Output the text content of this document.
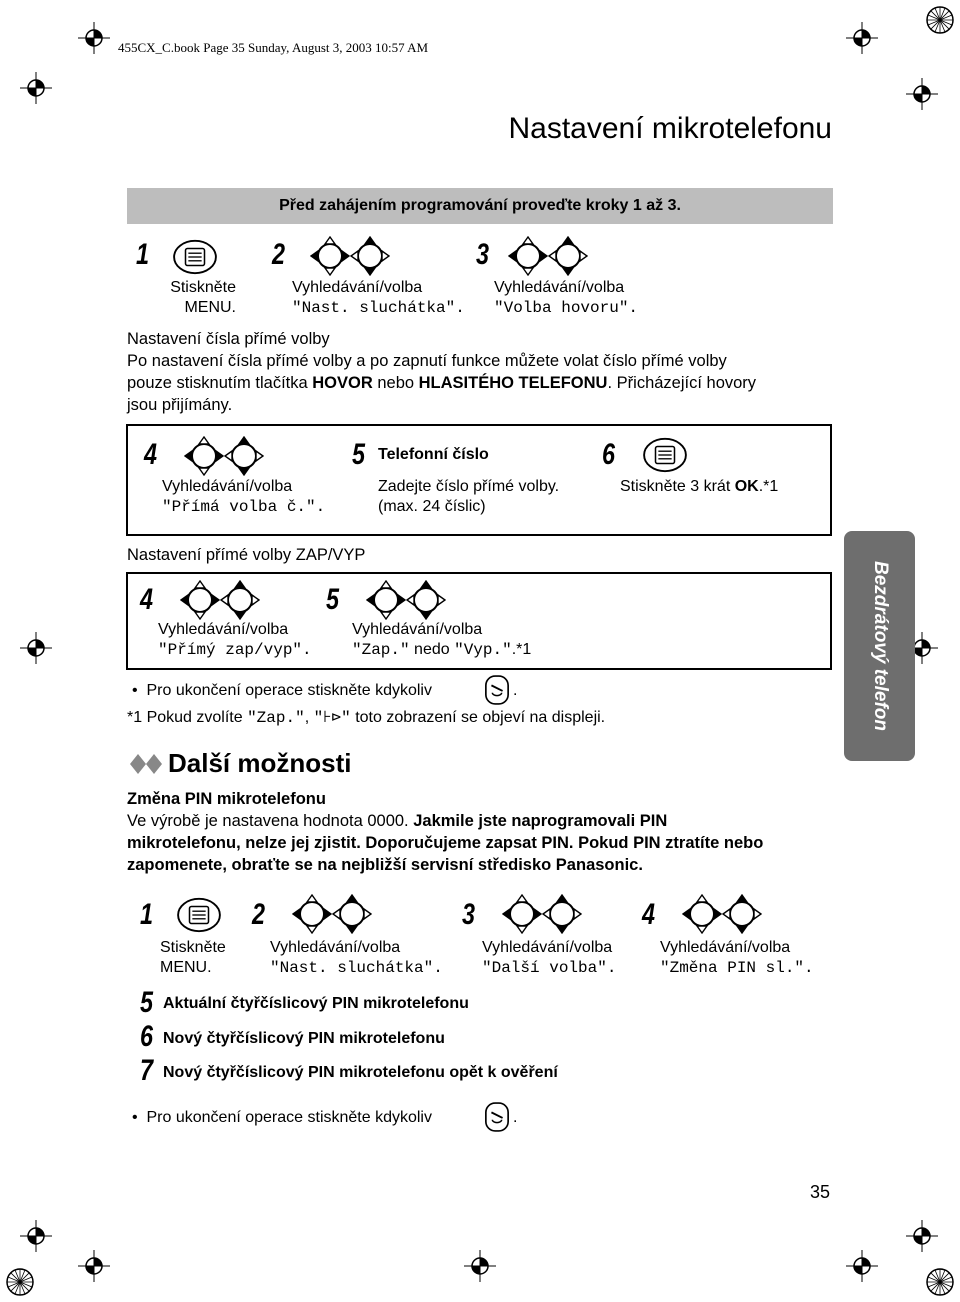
455CX_C.book Page 35 Sunday, August 3, 2003 10:57 AM
Nastavení mikrotelefonu
Před zahájením programování proveďte kroky 1 až 3.
1
Stiskněte
MENU.
2
Vyhledávání/volba
"Nast. sluchátka".
3
Vyhledávání/volba
"Volba hovoru".
Nastavení čísla přímé volby
Po nastavení čísla přímé volby a po zapnutí funkce můžete volat číslo přímé volby
pouze stisknutím tlačítka HOVOR nebo HLASITÉHO TELEFONU. Přicházející hovory
jsou přijímány.
4
Vyhledávání/volba
"Přímá volba č.".
5 Telefonní číslo
Zadejte číslo přímé volby.
(max. 24 číslic)
6
Stiskněte 3 krát OK.*1
Nastavení přímé volby ZAP/VYP
4
Vyhledávání/volba
"Přímý zap/vyp".
5
Vyhledávání/volba
"Zap." nedo "Vyp.".*1
•  Pro ukončení operace stiskněte kdykoliv	.
*1 Pokud zvolíte "Zap.", "⊦⊳" toto zobrazení se objeví na displeji.	Bezdrátový telefon
Další možnosti
Změna PIN mikrotelefonu
Ve výrobě je nastavena hodnota 0000. Jakmile jste naprogramovali PIN
mikrotelefonu, nelze jej zjistit. Doporučujeme zapsat PIN. Pokud PIN ztratíte nebo
zapomenete, obraťte se na nejbližší servisní středisko Panasonic.
1
Stiskněte
MENU.
2
Vyhledávání/volba
"Nast. sluchátka".
3
Vyhledávání/volba
"Další volba".
4
Vyhledávání/volba
"Změna PIN sl.".
5 Aktuální čtyřčíslicový PIN mikrotelefonu
6 Nový čtyřčíslicový PIN mikrotelefonu
7 Nový čtyřčíslicový PIN mikrotelefonu opět k ověření
•  Pro ukončení operace stiskněte kdykoliv	.
35
